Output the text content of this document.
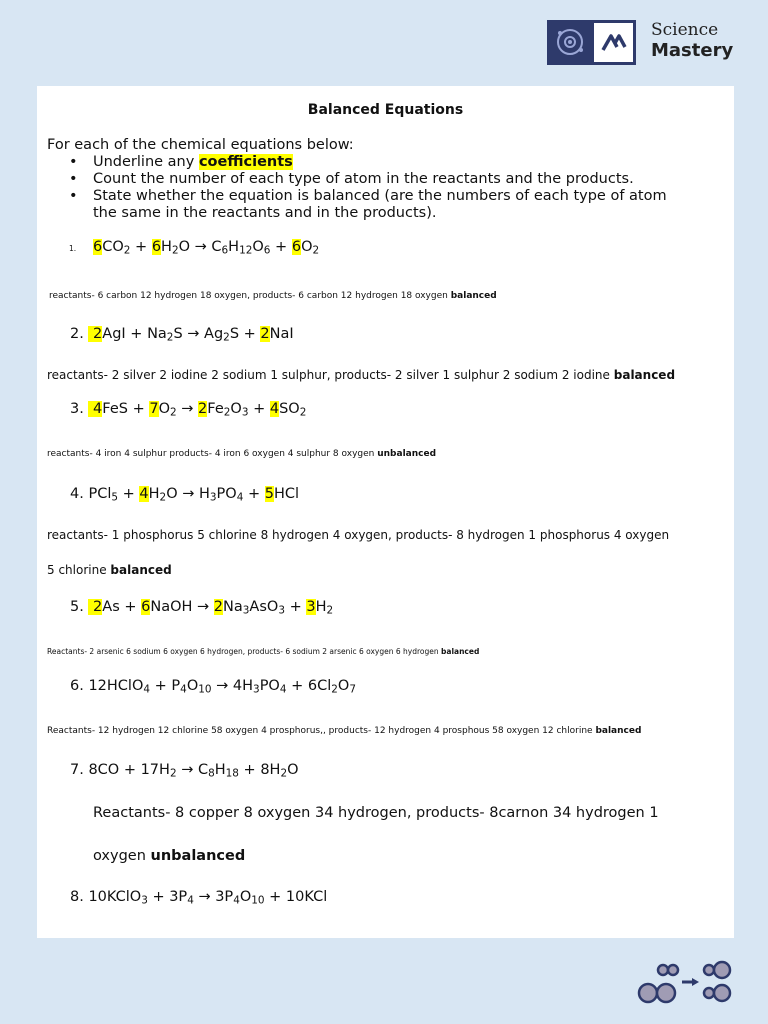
Science
Mastery
Balanced Equations
For each of the chemical equations below:
• Underline any coefficients
• Count the number of each type of atom in the reactants and the products.
• State whether the equation is balanced (are the numbers of each type of atom
the same in the reactants and in the products).
1. $6CO_2 + 6H_2O \to C_6H_{12}O_6 + 6O_2$
reactants- 6 carbon 12 hydrogen 18 oxygen, products- 6 carbon 12 hydrogen 18 oxygen balanced
2.  $2AgI + Na_2S \to Ag_2S + 2NaI$
reactants- 2 silver 2 iodine 2 sodium 1 sulphur, products- 2 silver 1 sulphur 2 sodium 2 iodine balanced
3.  $4FeS + 7O_2 \to 2Fe_2O_3 + 4SO_2$
reactants- 4 iron 4 sulphur products- 4 iron 6 oxygen 4 sulphur 8 oxygen unbalanced
4. $PCl_5 + 4H_2O \to H_3PO_4 + 5HCl$
reactants- 1 phosphorus 5 chlorine 8 hydrogen 4 oxygen, products- 8 hydrogen 1 phosphorus 4 oxygen
5 chlorine balanced
5.  2As + 6NaOH → $2Na_3AsO_3 + 3H_2$
Reactants- 2 arsenic 6 sodium 6 oxygen 6 hydrogen, products- 6 sodium 2 arsenic 6 oxygen 6 hydrogen balanced
6. 12HClO$_4$ + $P_4O_{10} \to 4H_3PO_4 + 6Cl_2O_7$
Reactants- 12 hydrogen 12 chlorine 58 oxygen 4 prosphorus,, products- 12 hydrogen 4 prosphous 58 oxygen 12 chlorine balanced
7. $8CO + 17H_2 \to C_8H_{18} + 8H_2O$
Reactants- 8 copper 8 oxygen 34 hydrogen, products- 8carnon 34 hydrogen 1
oxygen unbalanced
8. 10KClO$_3$ + $3P_4 \to 3P_4O_{10} + 10KCl$
